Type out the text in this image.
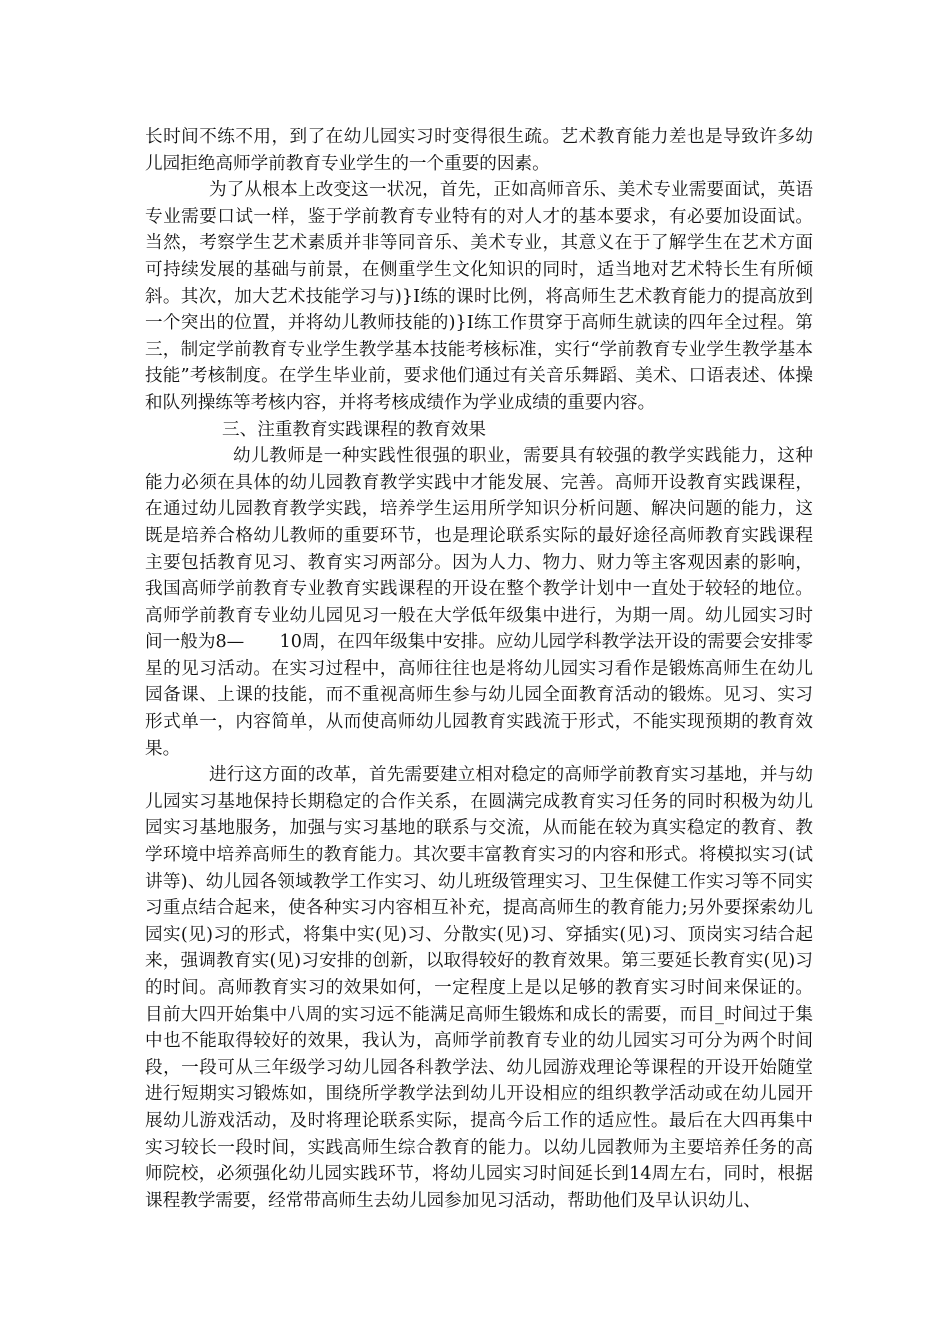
长时间不练不用，到了在幼儿园实习时变得很生疏。艺术教育能力差也是导致许多幼儿园拒绝高师学前教育专业学生的一个重要的因素。

为了从根本上改变这一状况，首先，正如高师音乐、美术专业需要面试，英语专业需要口试一样，鉴于学前教育专业特有的对人才的基本要求，有必要加设面试。当然，考察学生艺术素质并非等同音乐、美术专业，其意义在于了解学生在艺术方面可持续发展的基础与前景，在侧重学生文化知识的同时，适当地对艺术特长生有所倾斜。其次，加大艺术技能学习与)}I练的课时比例，将高师生艺术教育能力的提高放到一个突出的位置，并将幼儿教师技能的)}I练工作贯穿于高师生就读的四年全过程。第三，制定学前教育专业学生教学基本技能考核标准，实行“学前教育专业学生教学基本技能”考核制度。在学生毕业前，要求他们通过有关音乐舞蹈、美术、口语表述、体操和队列操练等考核内容，并将考核成绩作为学业成绩的重要内容。

三、注重教育实践课程的教育效果

幼儿教师是一种实践性很强的职业，需要具有较强的教学实践能力，这种能力必须在具体的幼儿园教育教学实践中才能发展、完善。高师开设教育实践课程，在通过幼儿园教育教学实践，培养学生运用所学知识分析问题、解决问题的能力，这既是培养合格幼儿教师的重要环节，也是理论联系实际的最好途径高师教育实践课程主要包括教育见习、教育实习两部分。因为人力、物力、财力等主客观因素的影响，我国高师学前教育专业教育实践课程的开设在整个教学计划中一直处于较轻的地位。高师学前教育专业幼儿园见习一般在大学低年级集中进行，为期一周。幼儿园实习时间一般为8—　　10周，在四年级集中安排。应幼儿园学科教学法开设的需要会安排零星的见习活动。在实习过程中，高师往往也是将幼儿园实习看作是锻炼高师生在幼儿园备课、上课的技能，而不重视高师生参与幼儿园全面教育活动的锻炼。见习、实习形式单一，内容简单，从而使高师幼儿园教育实践流于形式，不能实现预期的教育效果。

进行这方面的改革，首先需要建立相对稳定的高师学前教育实习基地，并与幼儿园实习基地保持长期稳定的合作关系，在圆满完成教育实习任务的同时积极为幼儿园实习基地服务，加强与实习基地的联系与交流，从而能在较为真实稳定的教育、教学环境中培养高师生的教育能力。其次要丰富教育实习的内容和形式。将模拟实习(试讲等)、幼儿园各领域教学工作实习、幼儿班级管理实习、卫生保健工作实习等不同实习重点结合起来，使各种实习内容相互补充，提高高师生的教育能力;另外要探索幼儿园实(见)习的形式，将集中实(见)习、分散实(见)习、穿插实(见)习、顶岗实习结合起来，强调教育实(见)习安排的创新，以取得较好的教育效果。第三要延长教育实(见)习的时间。高师教育实习的效果如何，一定程度上是以足够的教育实习时间来保证的。目前大四开始集中八周的实习远不能满足高师生锻炼和成长的需要，而目_时间过于集中也不能取得较好的效果，我认为，高师学前教育专业的幼儿园实习可分为两个时间段，一段可从三年级学习幼儿园各科教学法、幼儿园游戏理论等课程的开设开始随堂进行短期实习锻炼如，围绕所学教学法到幼儿开设相应的组织教学活动或在幼儿园开展幼儿游戏活动，及时将理论联系实际，提高今后工作的适应性。最后在大四再集中实习较长一段时间，实践高师生综合教育的能力。以幼儿园教师为主要培养任务的高师院校，必须强化幼儿园实践环节，将幼儿园实习时间延长到14周左右，同时，根据课程教学需要，经常带高师生去幼儿园参加见习活动，帮助他们及早认识幼儿、
